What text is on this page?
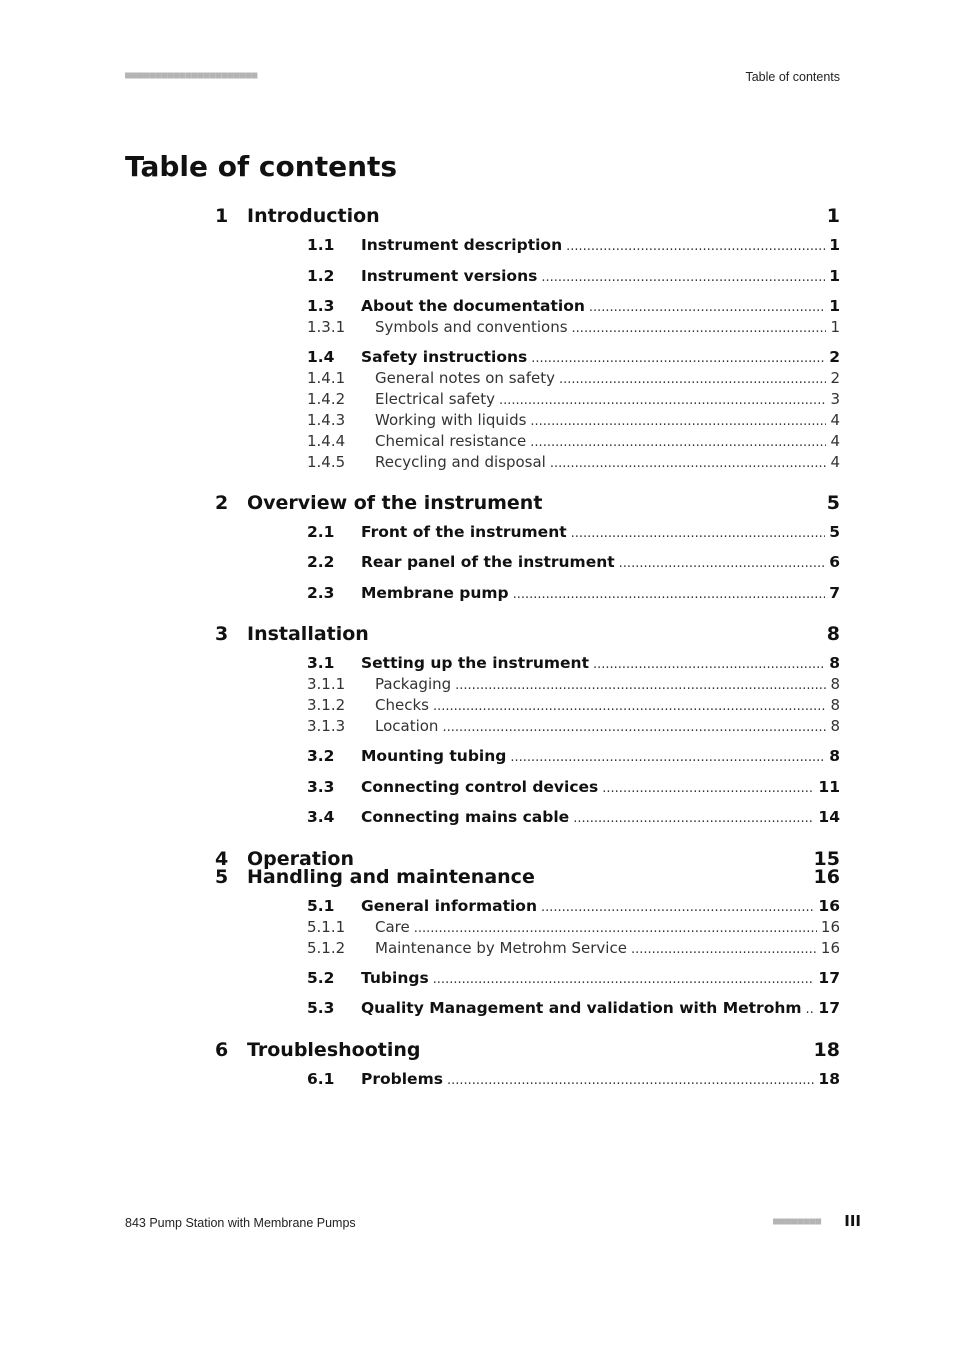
■■■■■■■■■■■■■■■■■■■■■■	Table of contents
Table of contents
1 Introduction	1
1.1 Instrument description .....	1
1.2 Instrument versions .....	1
1.3 About the documentation .....	1
1.3.1 Symbols and conventions .....	1
1.4 Safety instructions .....	2
1.4.1 General notes on safety .....	2
1.4.2 Electrical safety .....	3
1.4.3 Working with liquids .....	4
1.4.4 Chemical resistance .....	4
1.4.5 Recycling and disposal .....	4
2 Overview of the instrument	5
2.1 Front of the instrument .....	5
2.2 Rear panel of the instrument .....	6
2.3 Membrane pump .....	7
3 Installation	8
3.1 Setting up the instrument .....	8
3.1.1 Packaging .....	8
3.1.2 Checks .....	8
3.1.3 Location .....	8
3.2 Mounting tubing .....	8
3.3 Connecting control devices .....	11
3.4 Connecting mains cable .....	14
4 Operation	15
5 Handling and maintenance	16
5.1 General information .....	16
5.1.1 Care .....	16
5.1.2 Maintenance by Metrohm Service .....	16
5.2 Tubings .....	17
5.3 Quality Management and validation with Metrohm ..... 17
6 Troubleshooting	18
6.1 Problems .....	18
843 Pump Station with Membrane Pumps	■■■■■■■■ III
